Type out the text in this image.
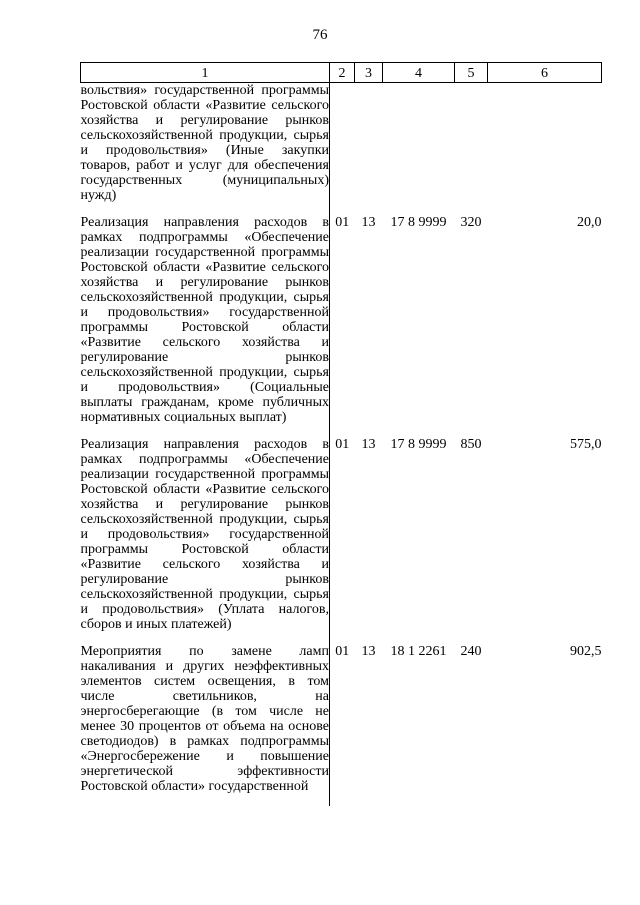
76
1	2	3	4	5	6
вольствия» государственной программы Ростовской области «Развитие сельского хозяйства и регулирование рынков сельскохозяйственной продукции, сырья и продовольствия» (Иные закупки товаров, работ и услуг для обеспечения государственных (муниципальных) нужд)					
Реализация направления расходов в рамках подпрограммы «Обеспечение реализации государственной программы Ростовской области «Развитие сельского хозяйства и регулирование рынков сельскохозяйственной продукции, сырья и продовольствия» государственной программы Ростовской области «Развитие сельского хозяйства и регулирование рынков сельскохозяйственной продукции, сырья и продовольствия» (Социальные выплаты гражданам, кроме публичных нормативных социальных выплат)	01	13	17 8 9999	320	20,0
Реализация направления расходов в рамках подпрограммы «Обеспечение реализации государственной программы Ростовской области «Развитие сельского хозяйства и регулирование рынков сельскохозяйственной продукции, сырья и продовольствия» государственной программы Ростовской области «Развитие сельского хозяйства и регулирование рынков сельскохозяйственной продукции, сырья и продовольствия» (Уплата налогов, сборов и иных платежей)	01	13	17 8 9999	850	575,0
Мероприятия по замене ламп накаливания и других неэффективных элементов систем освещения, в том числе светильников, на энергосберегающие (в том числе не менее 30 процентов от объема на основе светодиодов) в рамках подпрограммы «Энергосбережение и повышение энергетической эффективности Ростовской области» государственной	01	13	18 1 2261	240	902,5
